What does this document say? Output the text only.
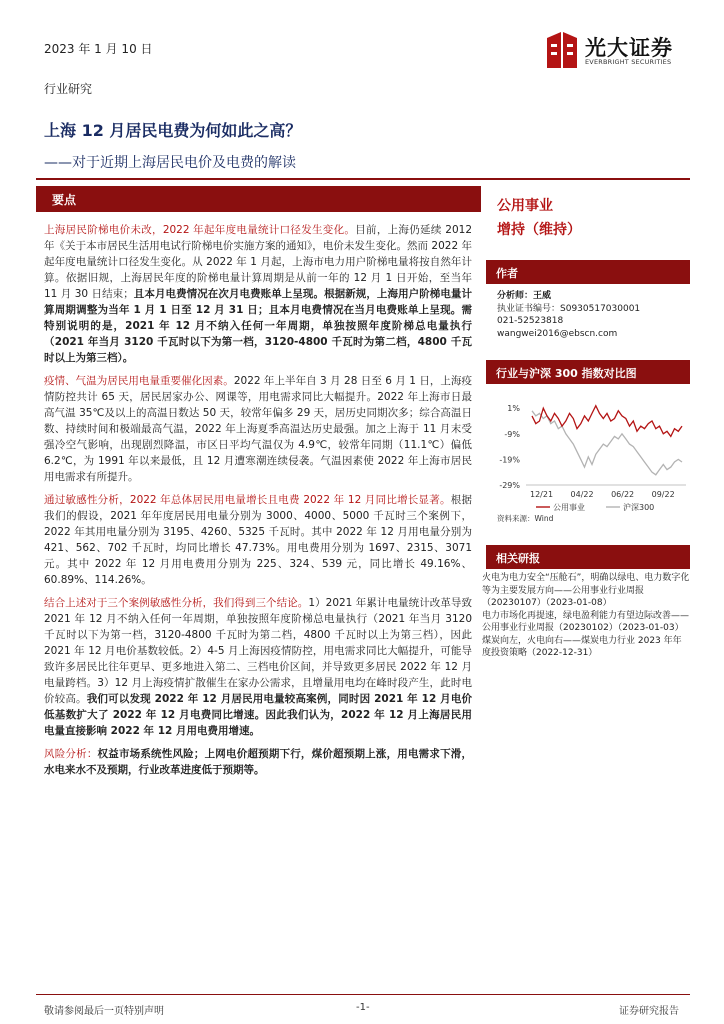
2023 年 1 月 10 日	光大证券
EVERBRIGHT SECURITIES
行业研究
上海 12 月居民电费为何如此之高？
——对于近期上海居民电价及电费的解读
要点

上海居民阶梯电价未改，2022 年起年度电量统计口径发生变化。目前，上海仍延续 2012 年《关于本市居民生活用电试行阶梯电价实施方案的通知》，电价未发生变化。然而 2022 年起年度电量统计口径发生变化。从 2022 年 1 月起，上海市电力用户阶梯电量将按自然年计算。依据旧规，上海居民年度的阶梯电量计算周期是从前一年的 12 月 1 日开始，至当年 11 月 30 日结束；且本月电费情况在次月电费账单上呈现。根据新规，上海用户阶梯电量计算周期调整为当年 1 月 1 日至 12 月 31 日；且本月电费情况在当月电费账单上呈现。需特别说明的是，2021 年 12 月不纳入任何一年周期，单独按照年度阶梯总电量执行（2021 年当月 3120 千瓦时以下为第一档，3120-4800 千瓦时为第二档，4800 千瓦时以上为第三档）。

疫情、气温为居民用电量重要催化因素。2022 年上半年自 3 月 28 日至 6 月 1 日，上海疫情防控共计 65 天，居民居家办公、网课等，用电需求同比大幅提升。2022 年上海市日最高气温 35℃及以上的高温日数达 50 天，较常年偏多 29 天，居历史同期次多；综合高温日数、持续时间和极端最高气温，2022 年上海夏季高温达历史最强。加之上海于 11 月末受强冷空气影响，出现剧烈降温，市区日平均气温仅为 4.9℃，较常年同期（11.1℃）偏低 6.2℃，为 1991 年以来最低，且 12 月遭寒潮连续侵袭。气温因素使 2022 年上海市居民用电需求有所提升。

通过敏感性分析，2022 年总体居民用电量增长且电费 2022 年 12 月同比增长显著。根据我们的假设，2021 年年度居民用电量分别为 3000、4000、5000 千瓦时三个案例下，2022 年其用电量分别为 3195、4260、5325 千瓦时。其中 2022 年 12 月用电量分别为 421、562、702 千瓦时，均同比增长 47.73%。用电费用分别为 1697、2315、3071 元。其中 2022 年 12 月用电费用分别为 225、324、539 元，同比增长 49.16%、60.89%、114.26%。

结合上述对于三个案例敏感性分析，我们得到三个结论。1）2021 年累计电量统计改革导致 2021 年 12 月不纳入任何一年周期，单独按照年度阶梯总电量执行（2021 年当月 3120 千瓦时以下为第一档，3120-4800 千瓦时为第二档，4800 千瓦时以上为第三档），因此 2021 年 12 月电价基数较低。2）4-5 月上海因疫情防控，用电需求同比大幅提升，可能导致许多居民比往年更早、更多地进入第二、三档电价区间，并导致更多居民 2022 年 12 月电量跨档。3）12 月上海疫情扩散催生在家办公需求，且增量用电均在峰时段产生，此时电价较高。我们可以发现 2022 年 12 月居民用电量较高案例，同时因 2021 年 12 月电价低基数扩大了 2022 年 12 月电费同比增速。因此我们认为，2022 年 12 月上海居民用电量直接影响 2022 年 12 月用电费用增速。

风险分析：权益市场系统性风险；上网电价超预期下行，煤价超预期上涨，用电需求下滑，水电来水不及预期，行业改革进度低于预期等。

公用事业
增持（维持）
作者
分析师：王威
执业证书编号：S0930517030001
021-52523818
wangwei2016@ebscn.com
行业与沪深 300 指数对比图
1%
-9%
-19%
-29%
12/21 04/22 06/22 09/22
公用事业	沪深300
资料来源：Wind
相关研报
火电为电力安全“压舱石”，明确以绿电、电力数字化等为主要发展方向——公用事业行业周报（20230107）（2023-01-08）
电力市场化再提速，绿电盈利能力有望边际改善——公用事业行业周报（20230102）（2023-01-03）
煤炭向左，火电向右——煤炭电力行业 2023 年年度投资策略（2022-12-31）
敬请参阅最后一页特别声明	-1-	证券研究报告
